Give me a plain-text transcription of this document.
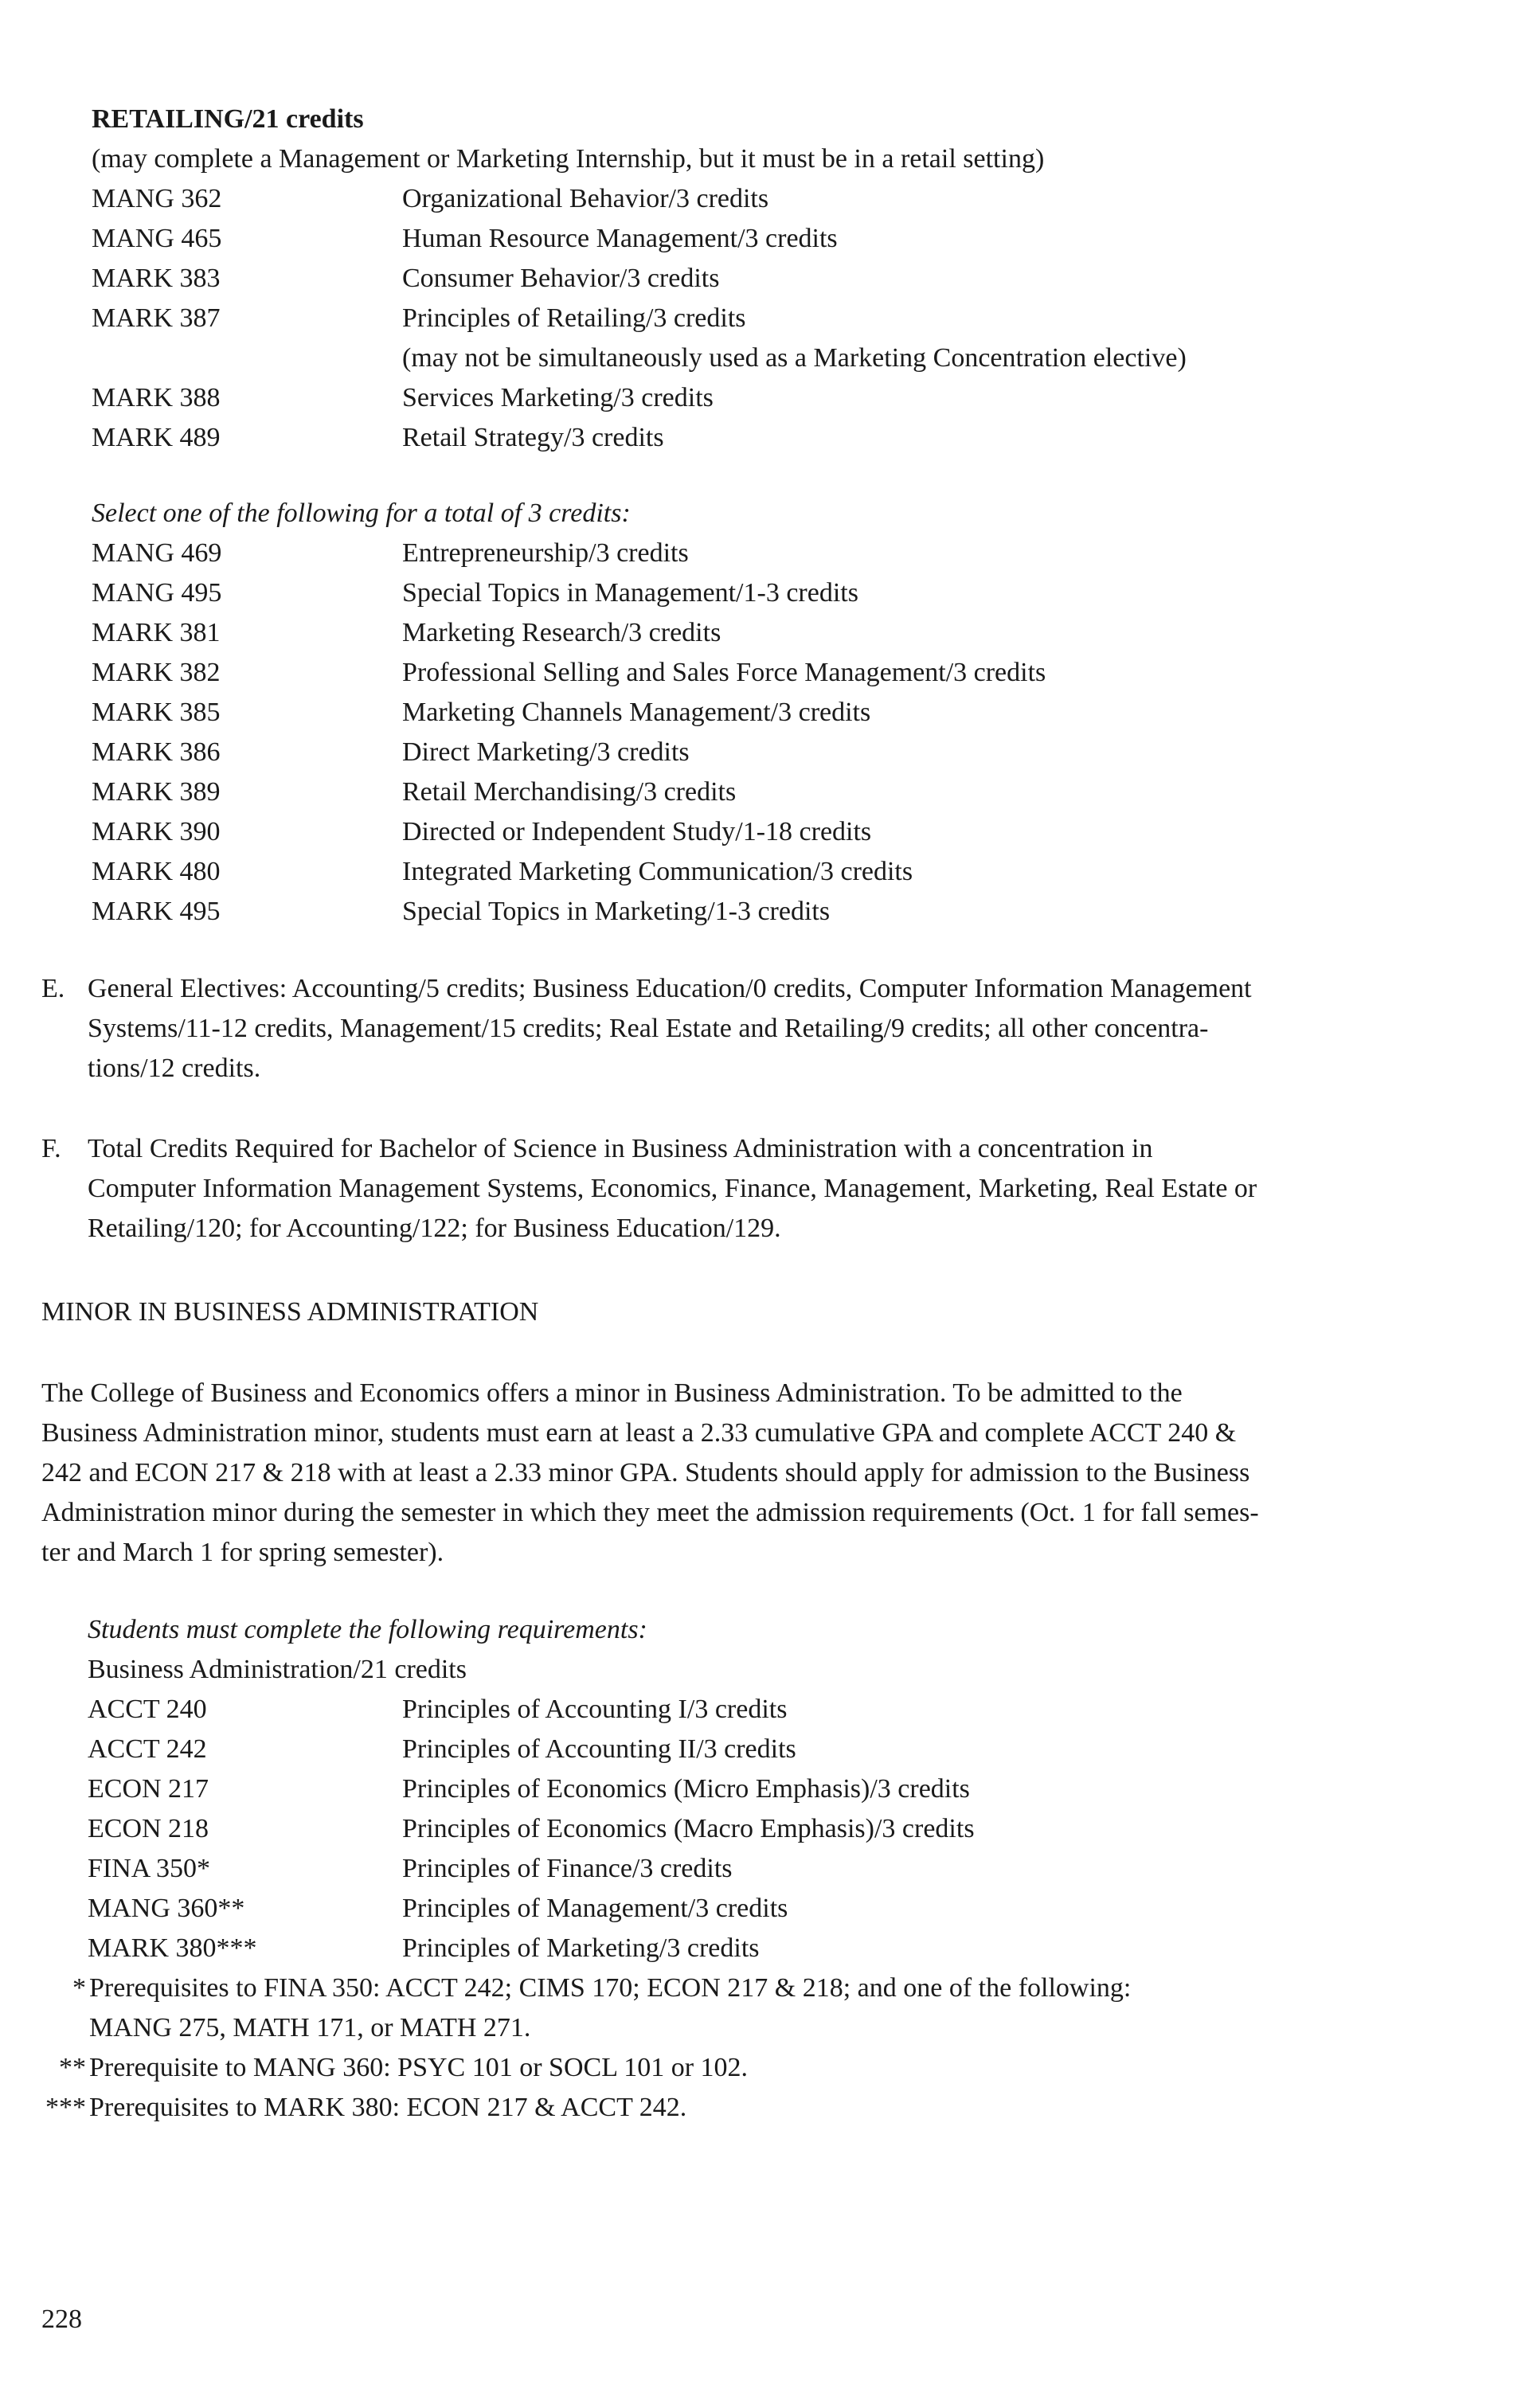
RETAILING/21 credits
(may complete a Management or Marketing Internship, but it must be in a retail setting)
MANG 362	Organizational Behavior/3 credits
MANG 465	Human Resource Management/3 credits
MARK 383	Consumer Behavior/3 credits
MARK 387	Principles of Retailing/3 credits
(may not be simultaneously used as a Marketing Concentration elective)
MARK 388	Services Marketing/3 credits
MARK 489	Retail Strategy/3 credits
Select one of the following for a total of 3 credits:
MANG 469	Entrepreneurship/3 credits
MANG 495	Special Topics in Management/1-3 credits
MARK 381	Marketing Research/3 credits
MARK 382	Professional Selling and Sales Force Management/3 credits
MARK 385	Marketing Channels Management/3 credits
MARK 386	Direct Marketing/3 credits
MARK 389	Retail Merchandising/3 credits
MARK 390	Directed or Independent Study/1-18 credits
MARK 480	Integrated Marketing Communication/3 credits
MARK 495	Special Topics in Marketing/1-3 credits
E. General Electives: Accounting/5 credits; Business Education/0 credits, Computer Information Management
Systems/11-12 credits, Management/15 credits; Real Estate and Retailing/9 credits; all other concentra-
tions/12 credits.
F. Total Credits Required for Bachelor of Science in Business Administration with a concentration in
Computer Information Management Systems, Economics, Finance, Management, Marketing, Real Estate or
Retailing/120; for Accounting/122; for Business Education/129.
MINOR IN BUSINESS ADMINISTRATION
The College of Business and Economics offers a minor in Business Administration. To be admitted to the
Business Administration minor, students must earn at least a 2.33 cumulative GPA and complete ACCT 240 &
242 and ECON 217 & 218 with at least a 2.33 minor GPA. Students should apply for admission to the Business
Administration minor during the semester in which they meet the admission requirements (Oct. 1 for fall semes-
ter and March 1 for spring semester).
Students must complete the following requirements:
Business Administration/21 credits
ACCT 240	Principles of Accounting I/3 credits
ACCT 242	Principles of Accounting II/3 credits
ECON 217	Principles of Economics (Micro Emphasis)/3 credits
ECON 218	Principles of Economics (Macro Emphasis)/3 credits
FINA 350*	Principles of Finance/3 credits
MANG 360**	Principles of Management/3 credits
MARK 380***	Principles of Marketing/3 credits
* Prerequisites to FINA 350: ACCT 242; CIMS 170; ECON 217 & 218; and one of the following:
MANG 275, MATH 171, or MATH 271.
** Prerequisite to MANG 360: PSYC 101 or SOCL 101 or 102.
*** Prerequisites to MARK 380: ECON 217 & ACCT 242.
228
